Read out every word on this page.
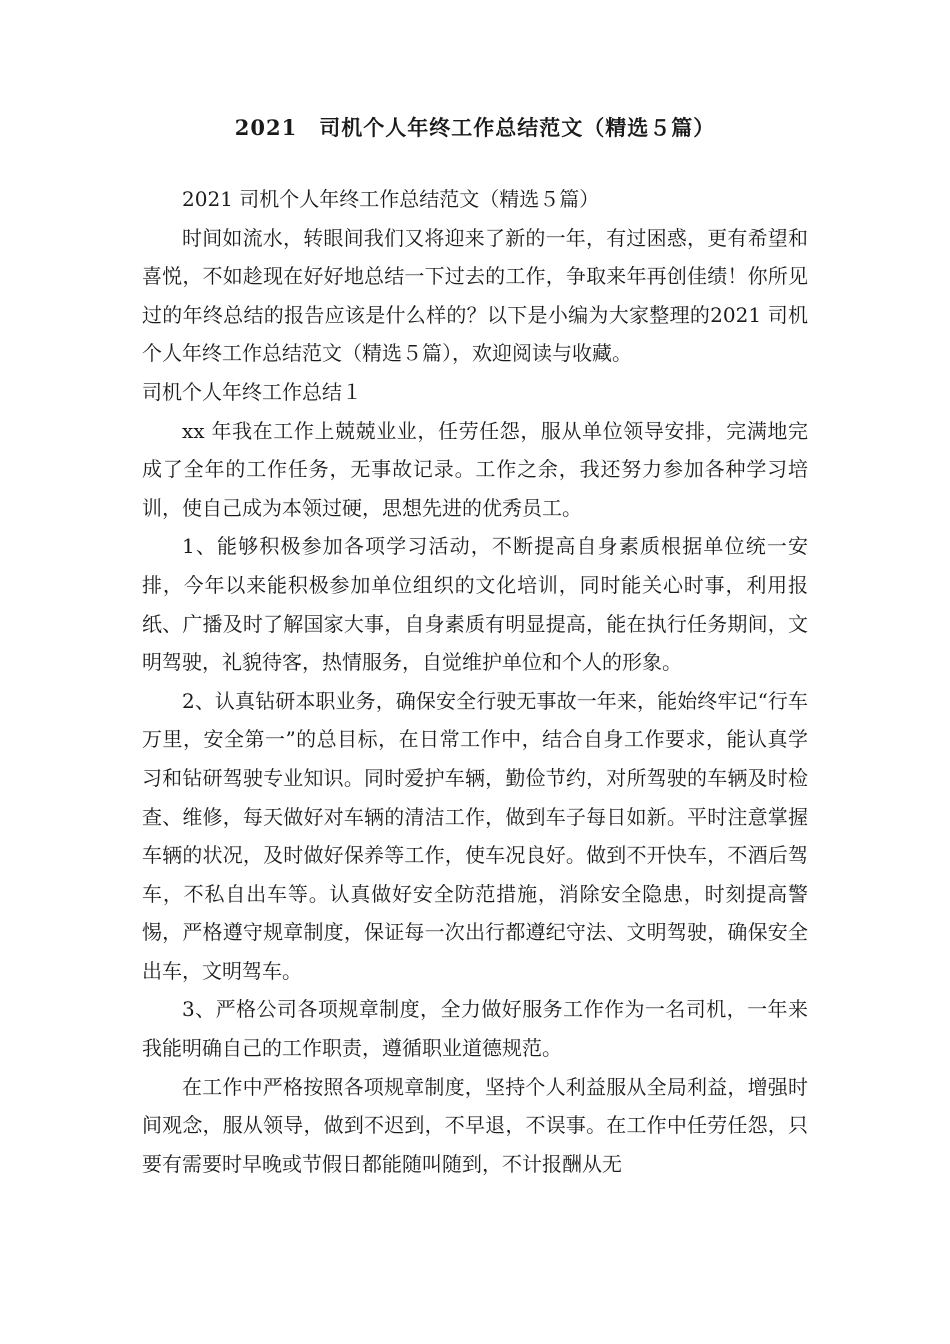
2021　司机个人年终工作总结范文（精选５篇）

2021 司机个人年终工作总结范文（精选５篇）

时间如流水，转眼间我们又将迎来了新的一年，有过困惑，更有希望和喜悦，不如趁现在好好地总结一下过去的工作，争取来年再创佳绩！你所见过的年终总结的报告应该是什么样的？以下是小编为大家整理的2021 司机个人年终工作总结范文（精选５篇），欢迎阅读与收藏。

司机个人年终工作总结１

xx 年我在工作上兢兢业业，任劳任怨，服从单位领导安排，完满地完成了全年的工作任务，无事故记录。工作之余，我还努力参加各种学习培训，使自己成为本领过硬，思想先进的优秀员工。

1、能够积极参加各项学习活动，不断提高自身素质根据单位统一安排，今年以来能积极参加单位组织的文化培训，同时能关心时事，利用报纸、广播及时了解国家大事，自身素质有明显提高，能在执行任务期间，文明驾驶，礼貌待客，热情服务，自觉维护单位和个人的形象。

2、认真钻研本职业务，确保安全行驶无事故一年来，能始终牢记“行车万里，安全第一”的总目标，在日常工作中，结合自身工作要求，能认真学习和钻研驾驶专业知识。同时爱护车辆，勤俭节约，对所驾驶的车辆及时检查、维修，每天做好对车辆的清洁工作，做到车子每日如新。平时注意掌握车辆的状况，及时做好保养等工作，使车况良好。做到不开快车，不酒后驾车，不私自出车等。认真做好安全防范措施，消除安全隐患，时刻提高警惕，严格遵守规章制度，保证每一次出行都遵纪守法、文明驾驶，确保安全出车，文明驾车。

3、严格公司各项规章制度，全力做好服务工作作为一名司机，一年来我能明确自己的工作职责，遵循职业道德规范。

在工作中严格按照各项规章制度，坚持个人利益服从全局利益，增强时间观念，服从领导，做到不迟到，不早退，不误事。在工作中任劳任怨，只要有需要时早晚或节假日都能随叫随到，不计报酬从无
